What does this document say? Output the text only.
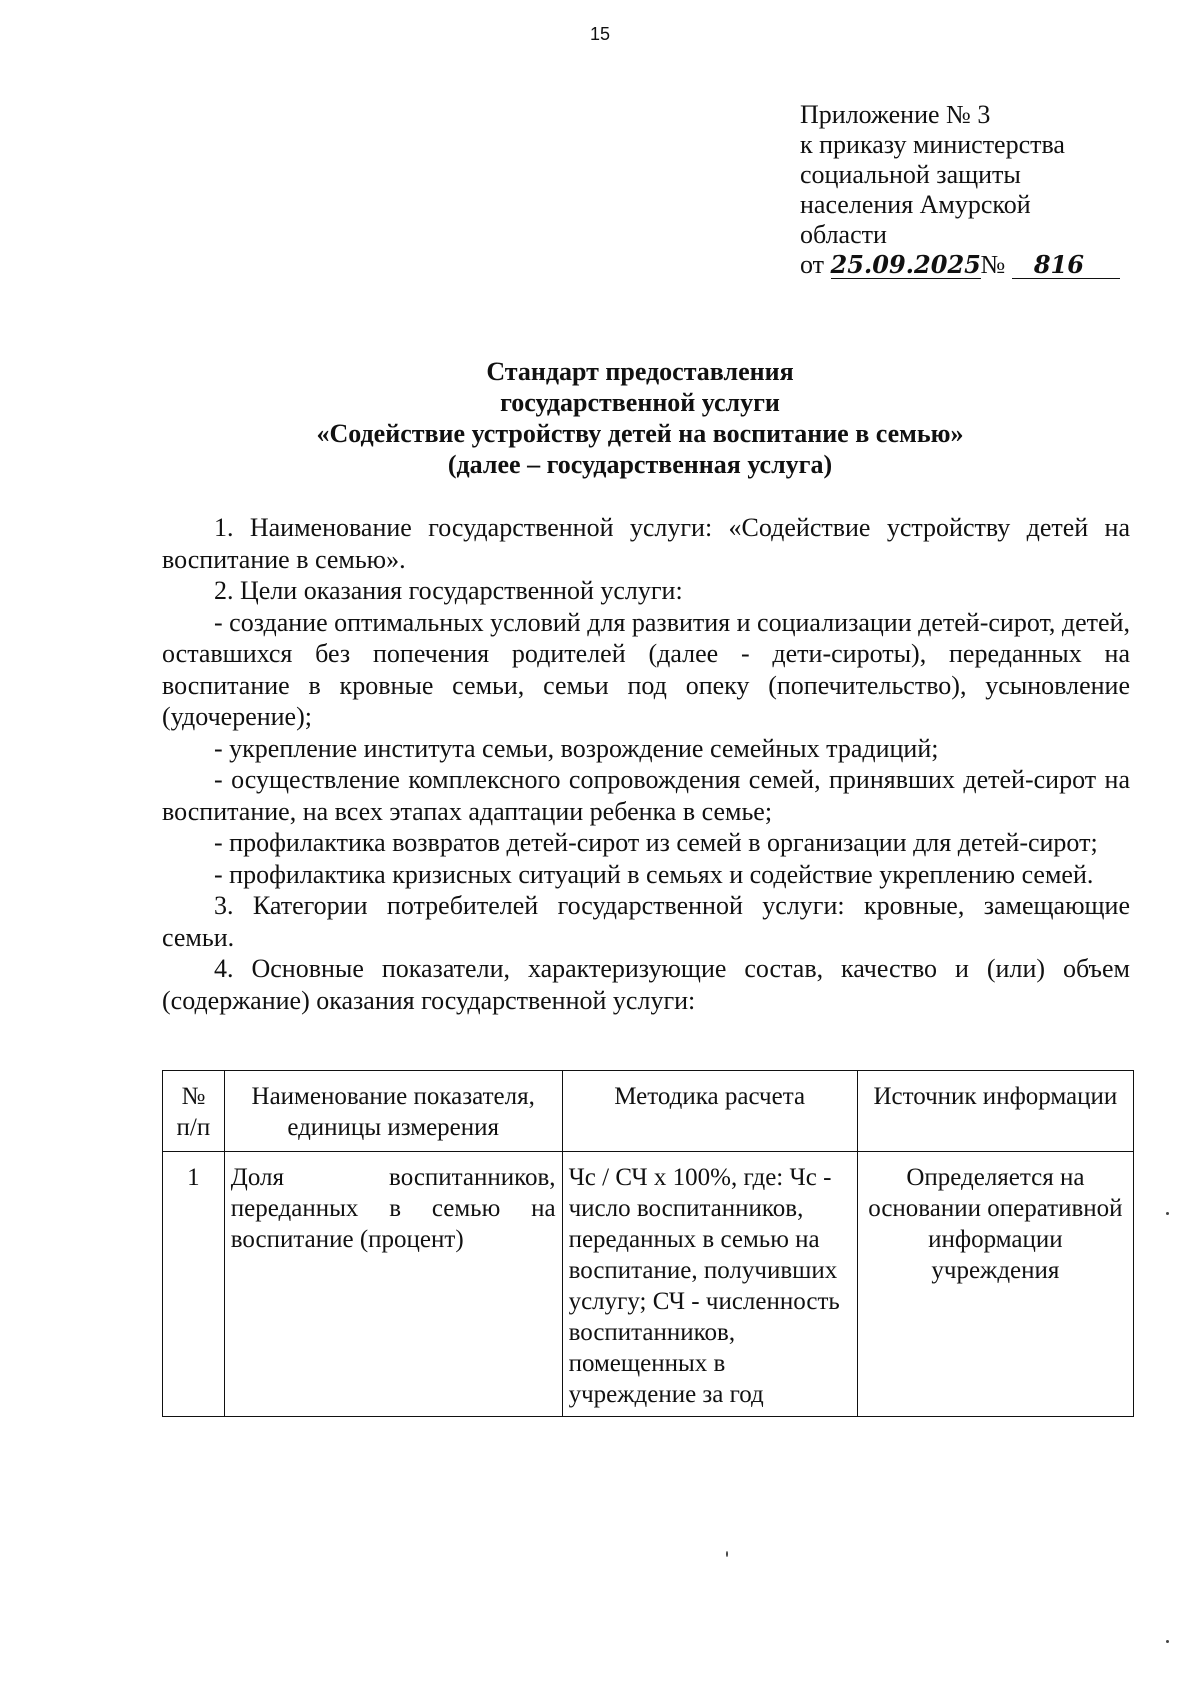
15
Приложение № 3
к приказу министерства
социальной защиты
населения Амурской
области
от 25.09.2025№ 816
Стандарт предоставления
государственной услуги
«Содействие устройству детей на воспитание в семью»
(далее – государственная услуга)

1. Наименование государственной услуги: «Содействие устройству детей на воспитание в семью».

2. Цели оказания государственной услуги:

- создание оптимальных условий для развития и социализации детей-сирот, детей, оставшихся без попечения родителей (далее - дети-сироты), переданных на воспитание в кровные семьи, семьи под опеку (попечительство), усыновление (удочерение);

- укрепление института семьи, возрождение семейных традиций;

- осуществление комплексного сопровождения семей, принявших детей-сирот на воспитание, на всех этапах адаптации ребенка в семье;

- профилактика возвратов детей-сирот из семей в организации для детей-сирот;

- профилактика кризисных ситуаций в семьях и содействие укреплению семей.

3. Категории потребителей государственной услуги: кровные, замещающие семьи.

4. Основные показатели, характеризующие состав, качество и (или) объем (содержание) оказания государственной услуги:

№ п/п	Наименование показателя, единицы измерения	Методика расчета	Источник информации
1	Доля воспитанников, переданных в семью на воспитание (процент)	Чс / СЧ х 100%, где: Чс - число воспитанников, переданных в семью на воспитание, получивших услугу; СЧ - численность воспитанников, помещенных в учреждение за год	Определяется на основании оперативной информации учреждения
